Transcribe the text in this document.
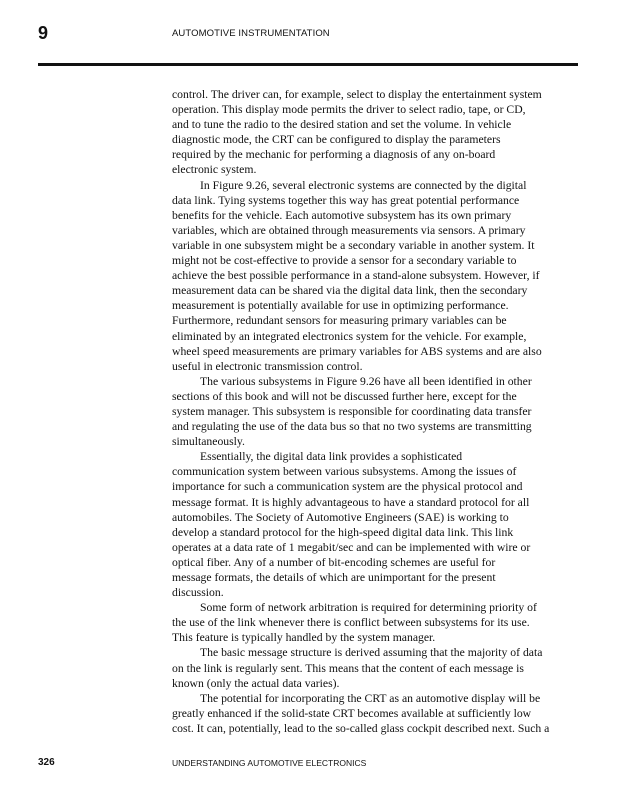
9	AUTOMOTIVE INSTRUMENTATION
control. The driver can, for example, select to display the entertainment system
operation. This display mode permits the driver to select radio, tape, or CD,
and to tune the radio to the desired station and set the volume. In vehicle
diagnostic mode, the CRT can be configured to display the parameters
required by the mechanic for performing a diagnosis of any on-board
electronic system.
In Figure 9.26, several electronic systems are connected by the digital
data link. Tying systems together this way has great potential performance
benefits for the vehicle. Each automotive subsystem has its own primary
variables, which are obtained through measurements via sensors. A primary
variable in one subsystem might be a secondary variable in another system. It
might not be cost-effective to provide a sensor for a secondary variable to
achieve the best possible performance in a stand-alone subsystem. However, if
measurement data can be shared via the digital data link, then the secondary
measurement is potentially available for use in optimizing performance.
Furthermore, redundant sensors for measuring primary variables can be
eliminated by an integrated electronics system for the vehicle. For example,
wheel speed measurements are primary variables for ABS systems and are also
useful in electronic transmission control.
The various subsystems in Figure 9.26 have all been identified in other
sections of this book and will not be discussed further here, except for the
system manager. This subsystem is responsible for coordinating data transfer
and regulating the use of the data bus so that no two systems are transmitting
simultaneously.
Essentially, the digital data link provides a sophisticated
communication system between various subsystems. Among the issues of
importance for such a communication system are the physical protocol and
message format. It is highly advantageous to have a standard protocol for all
automobiles. The Society of Automotive Engineers (SAE) is working to
develop a standard protocol for the high-speed digital data link. This link
operates at a data rate of 1 megabit/sec and can be implemented with wire or
optical fiber. Any of a number of bit-encoding schemes are useful for
message formats, the details of which are unimportant for the present
discussion.
Some form of network arbitration is required for determining priority of
the use of the link whenever there is conflict between subsystems for its use.
This feature is typically handled by the system manager.
The basic message structure is derived assuming that the majority of data
on the link is regularly sent. This means that the content of each message is
known (only the actual data varies).
The potential for incorporating the CRT as an automotive display will be
greatly enhanced if the solid-state CRT becomes available at sufficiently low
cost. It can, potentially, lead to the so-called glass cockpit described next. Such a
326	UNDERSTANDING AUTOMOTIVE ELECTRONICS
